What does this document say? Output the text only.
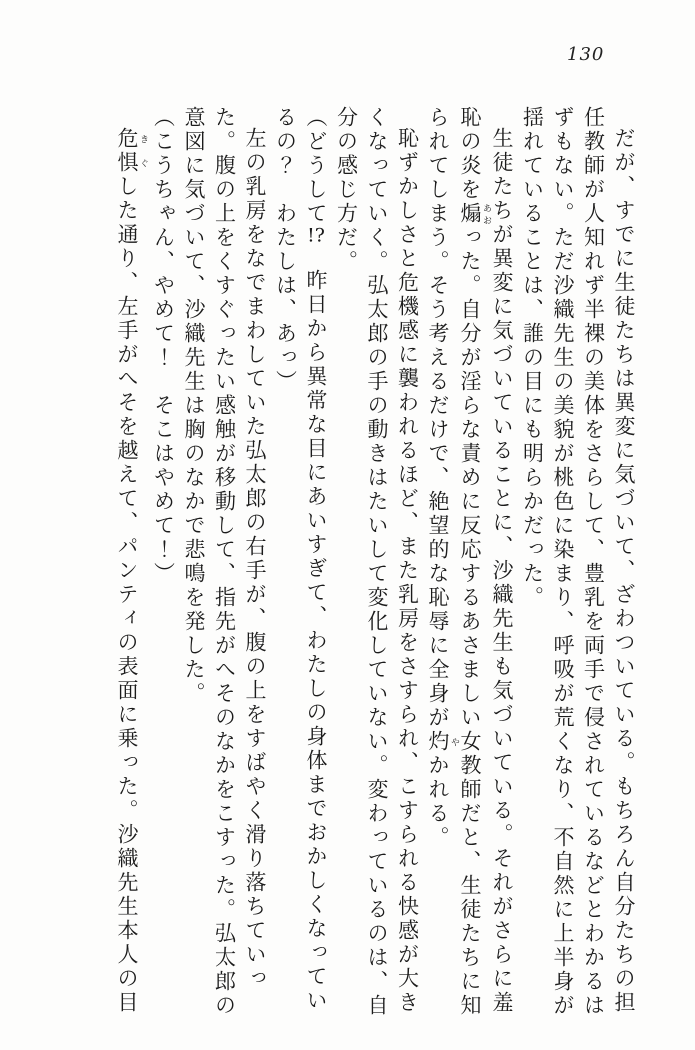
130

だが、すでに生徒たちは異変に気づいて、ざわついている。もちろん自分たちの担任教師が人知れず半裸の美体をさらして、豊乳を両手で侵されているなどとわかるはずもない。ただ沙織先生の美貌が桃色に染まり、呼吸が荒くなり、不自然に上半身が揺れていることは、誰の目にも明らかだった。

生徒たちが異変に気づいていることに、沙織先生も気づいている。それがさらに羞恥の炎を煽 あおった。自分が淫らな責めに反応するあさましい女教師だと、生徒たちに知られてしまう。そう考えるだけで、絶望的な恥辱に全身が灼 やかれる。

恥ずかしさと危機感に襲われるほど、また乳房をさすられ、こすられる快感が大きくなっていく。弘太郎の手の動きはたいして変化していない。変わっているのは、自分の感じ方だ。

（どうして!?　昨日から異常な目にあいすぎて、わたしの身体までおかしくなっているの？　わたしは、あっ）

左の乳房をなでまわしていた弘太郎の右手が、腹の上をすばやく滑り落ちていった。腹の上をくすぐったい感触が移動して、指先がへそのなかをこすった。弘太郎の意図に気づいて、沙織先生は胸のなかで悲鳴を発した。

（こうちゃん、やめて！　そこはやめて！）

危惧 きぐした通り、左手がへそを越えて、パンティの表面に乗った。沙織先生本人の目
